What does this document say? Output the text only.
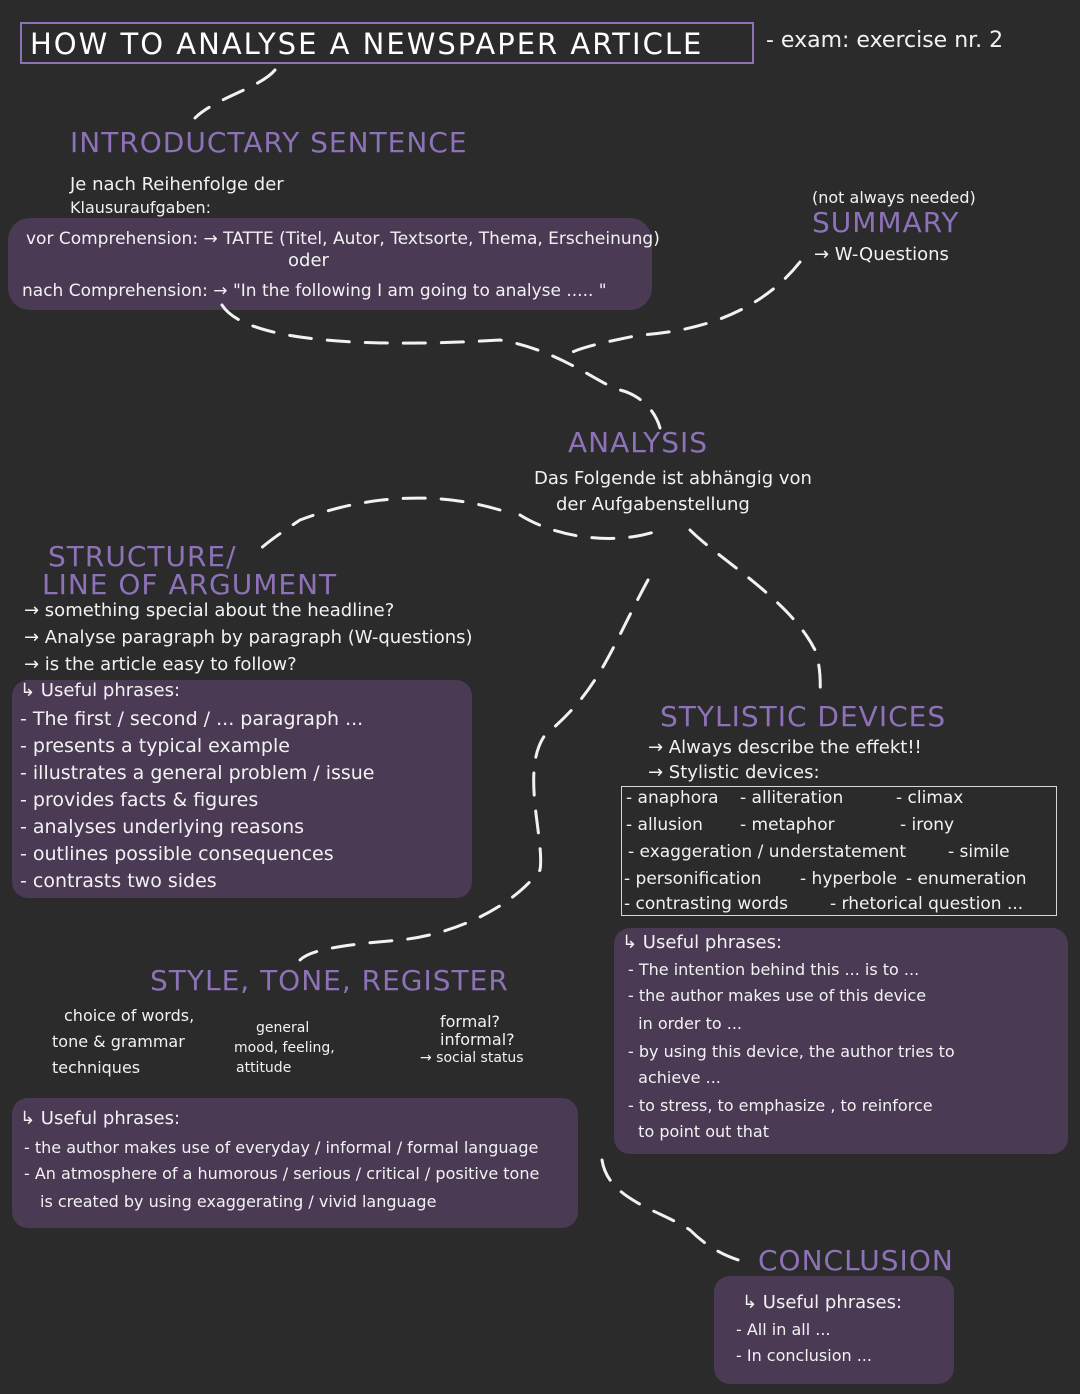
HOW TO ANALYSE A NEWSPAPER ARTICLE	- exam: exercise nr. 2
INTRODUCTARY SENTENCE
Je nach Reihenfolge der
Klausuraufgaben:
vor Comprehension: → TATTE (Titel, Autor, Textsorte, Thema, Erscheinung)
oder
nach Comprehension: → "In the following I am going to analyse ..... "
(not always needed)
SUMMARY
→ W-Questions
ANALYSIS
Das Folgende ist abhängig von
der Aufgabenstellung
STRUCTURE/
LINE OF ARGUMENT
→ something special about the headline?
→ Analyse paragraph by paragraph (W-questions)
→ is the article easy to follow?
↳ Useful phrases:
- The first / second / ... paragraph ...
- presents a typical example
- illustrates a general problem / issue
- provides facts & figures
- analyses underlying reasons
- outlines possible consequences
- contrasts two sides
STYLISTIC DEVICES
→ Always describe the effekt!!
→ Stylistic devices:
- anaphora - alliteration	- climax
- allusion - metaphor	- irony
- exaggeration / understatement - simile
- personification - hyperbole - enumeration
- contrasting words - rhetorical question ...
↳ Useful phrases:
- The intention behind this ... is to ...
- the author makes use of this device
in order to ...
- by using this device, the author tries to
achieve ...
- to stress, to emphasize , to reinforce
to point out that
STYLE, TONE, REGISTER
choice of words,
tone & grammar
techniques
general
mood, feeling,
attitude
formal?
informal?
→ social status
↳ Useful phrases:
- the author makes use of everyday / informal / formal language
- An atmosphere of a humorous / serious / critical / positive tone
is created by using exaggerating / vivid language
CONCLUSION
↳ Useful phrases:
- All in all ...
- In conclusion ...
